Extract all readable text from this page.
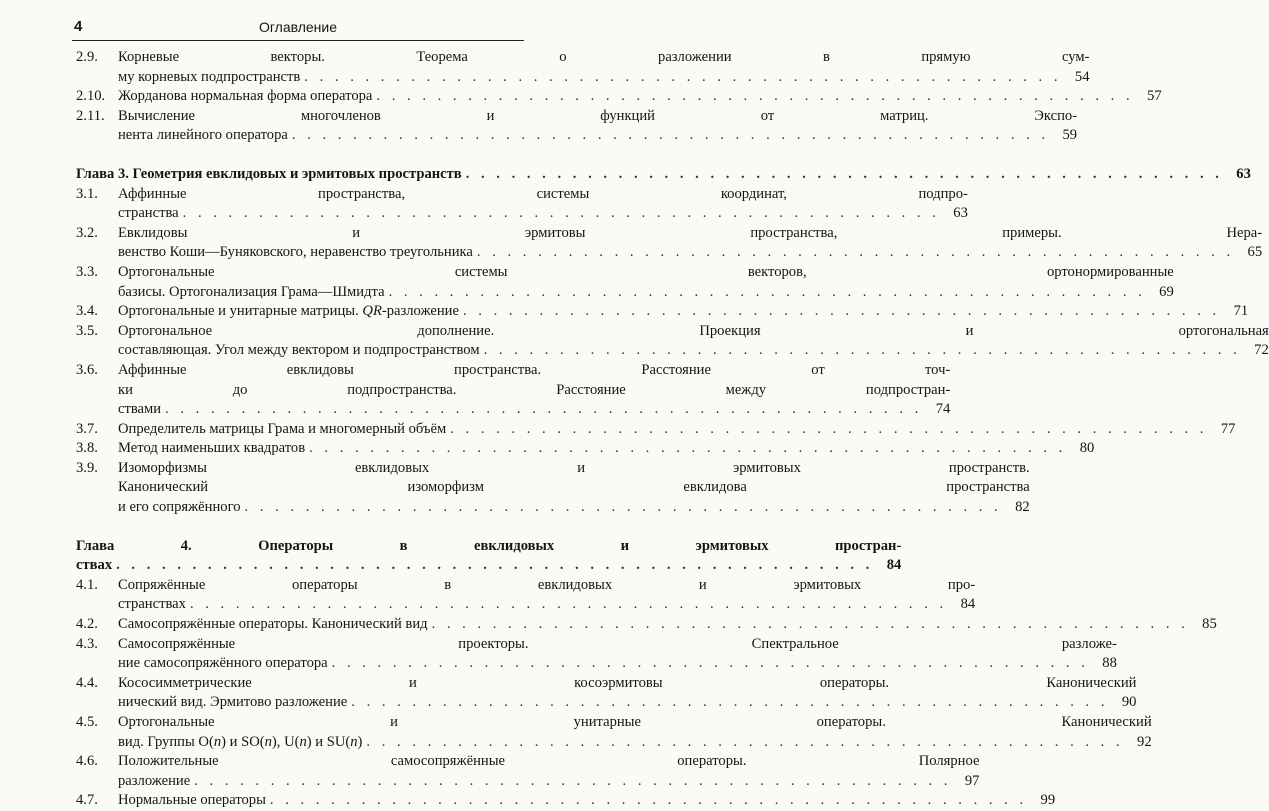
4	Оглавление
2.9.	Корневые векторы. Теорема о разложении в прямую сум-
му корневых подпространств . . . . . . . . . . . . . . . . . . . . . . . . . . . . . . . . . . . . . . . . . . . . . . . . . . 54
2.10. Жорданова нормальная форма оператора . . . . . . . . . . . . . . . . . . . . . . . . . . . . . . . . . . . . . . . . . . . . . . . . . . 57
2.11. Вычисление многочленов и функций от матриц. Экспо-
нента линейного оператора . . . . . . . . . . . . . . . . . . . . . . . . . . . . . . . . . . . . . . . . . . . . . . . . . . 59
Глава 3. Геометрия евклидовых и эрмитовых пространств . . . . . . . . . . . . . . . . . . . . . . . . . . . . . . . . . . . . . . . . . . . . . . . . . . 63
3.1.	Аффинные пространства, системы координат, подпро-
странства . . . . . . . . . . . . . . . . . . . . . . . . . . . . . . . . . . . . . . . . . . . . . . . . . . 63
3.2.	Евклидовы и эрмитовы пространства, примеры. Нера-
венство Коши—Буняковского, неравенство треугольника . . . . . . . . . . . . . . . . . . . . . . . . . . . . . . . . . . . . . . . . . . . . . . . . . . 65
3.3.	Ортогональные системы векторов, ортонормированные
базисы. Ортогонализация Грама—Шмидта . . . . . . . . . . . . . . . . . . . . . . . . . . . . . . . . . . . . . . . . . . . . . . . . . . 69
3.4.	Ортогональные и унитарные матрицы. QR-разложение . . . . . . . . . . . . . . . . . . . . . . . . . . . . . . . . . . . . . . . . . . . . . . . . . . 71
3.5.	Ортогональное дополнение. Проекция и ортогональная
составляющая. Угол между вектором и подпространством . . . . . . . . . . . . . . . . . . . . . . . . . . . . . . . . . . . . . . . . . . . . . . . . . . 72
3.6.	Аффинные евклидовы пространства. Расстояние от точ-
ки до подпространства. Расстояние между подпростран-
ствами . . . . . . . . . . . . . . . . . . . . . . . . . . . . . . . . . . . . . . . . . . . . . . . . . . 74
3.7.	Определитель матрицы Грама и многомерный объём . . . . . . . . . . . . . . . . . . . . . . . . . . . . . . . . . . . . . . . . . . . . . . . . . . 77
3.8.	Метод наименьших квадратов . . . . . . . . . . . . . . . . . . . . . . . . . . . . . . . . . . . . . . . . . . . . . . . . . . 80
3.9.	Изоморфизмы евклидовых и эрмитовых пространств.
Канонический изоморфизм евклидова пространства
и его сопряжённого . . . . . . . . . . . . . . . . . . . . . . . . . . . . . . . . . . . . . . . . . . . . . . . . . . 82
Глава 4. Операторы в евклидовых и эрмитовых простран-
ствах . . . . . . . . . . . . . . . . . . . . . . . . . . . . . . . . . . . . . . . . . . . . . . . . . . 84
4.1.	Сопряжённые операторы в евклидовых и эрмитовых про-
странствах . . . . . . . . . . . . . . . . . . . . . . . . . . . . . . . . . . . . . . . . . . . . . . . . . . 84
4.2.	Самосопряжённые операторы. Канонический вид . . . . . . . . . . . . . . . . . . . . . . . . . . . . . . . . . . . . . . . . . . . . . . . . . . 85
4.3.	Самосопряжённые проекторы. Спектральное разложе-
ние самосопряжённого оператора . . . . . . . . . . . . . . . . . . . . . . . . . . . . . . . . . . . . . . . . . . . . . . . . . . 88
4.4.	Кососимметрические и косоэрмитовы операторы. Канонический
нический вид. Эрмитово разложение . . . . . . . . . . . . . . . . . . . . . . . . . . . . . . . . . . . . . . . . . . . . . . . . . . 90
4.5.	Ортогональные и унитарные операторы. Канонический
вид. Группы O(n) и SO(n), U(n) и SU(n) . . . . . . . . . . . . . . . . . . . . . . . . . . . . . . . . . . . . . . . . . . . . . . . . . . 92
4.6.	Положительные самосопряжённые операторы. Полярное
разложение . . . . . . . . . . . . . . . . . . . . . . . . . . . . . . . . . . . . . . . . . . . . . . . . . . 97
4.7.	Нормальные операторы . . . . . . . . . . . . . . . . . . . . . . . . . . . . . . . . . . . . . . . . . . . . . . . . . . 99
